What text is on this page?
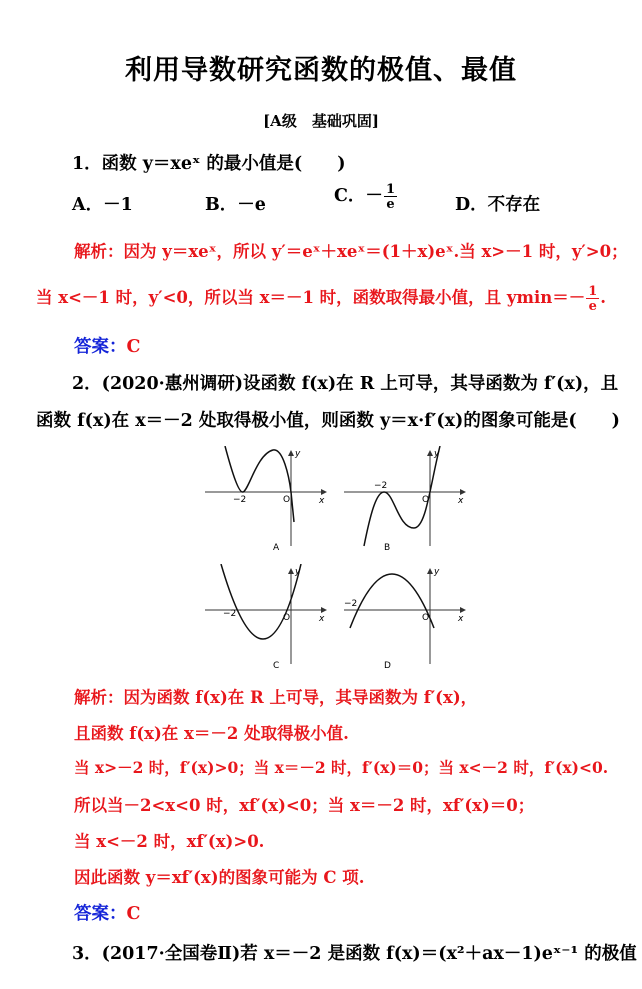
利用导数研究函数的极值、最值
[A级　基础巩固]
1．函数 y＝xeˣ 的最小值是(　　)
A．－1	B．－e	C．－ $\frac{1}{e}$	D．不存在
解析：因为 y＝xeˣ，所以 y′＝eˣ＋xeˣ＝(1＋x)eˣ.当 x>－1 时，y′>0；
当 x<－1 时，y′<0，所以当 x＝－1 时，函数取得最小值，且 $ymin=- \frac{1}{e}$ .
答案：C
2．(2020·惠州调研)设函数 f(x)在 R 上可导，其导函数为 f′(x)，且
函数 f(x)在 x＝－2 处取得极小值，则函数 y＝x·f′(x)的图象可能是(　　)
−2	O
y
x
A
−2
O
y
x
B
−2	O
y
x
C
−2
O
y
x
D
解析：因为函数 f(x)在 R 上可导，其导函数为 f′(x)，
且函数 f(x)在 x＝－2 处取得极小值.
当 x>－2 时，f′(x)>0；当 x＝－2 时，f′(x)＝0；当 x<－2 时，f′(x)<0.
所以当－2<x<0 时，xf′(x)<0；当 x＝－2 时，xf′(x)＝0；
当 x<－2 时，xf′(x)>0.
因此函数 y＝xf′(x)的图象可能为 C 项.
答案：C
3．(2017·全国卷Ⅱ)若 x＝－2 是函数 f(x)＝(x²＋ax－1)eˣ⁻¹ 的极值
